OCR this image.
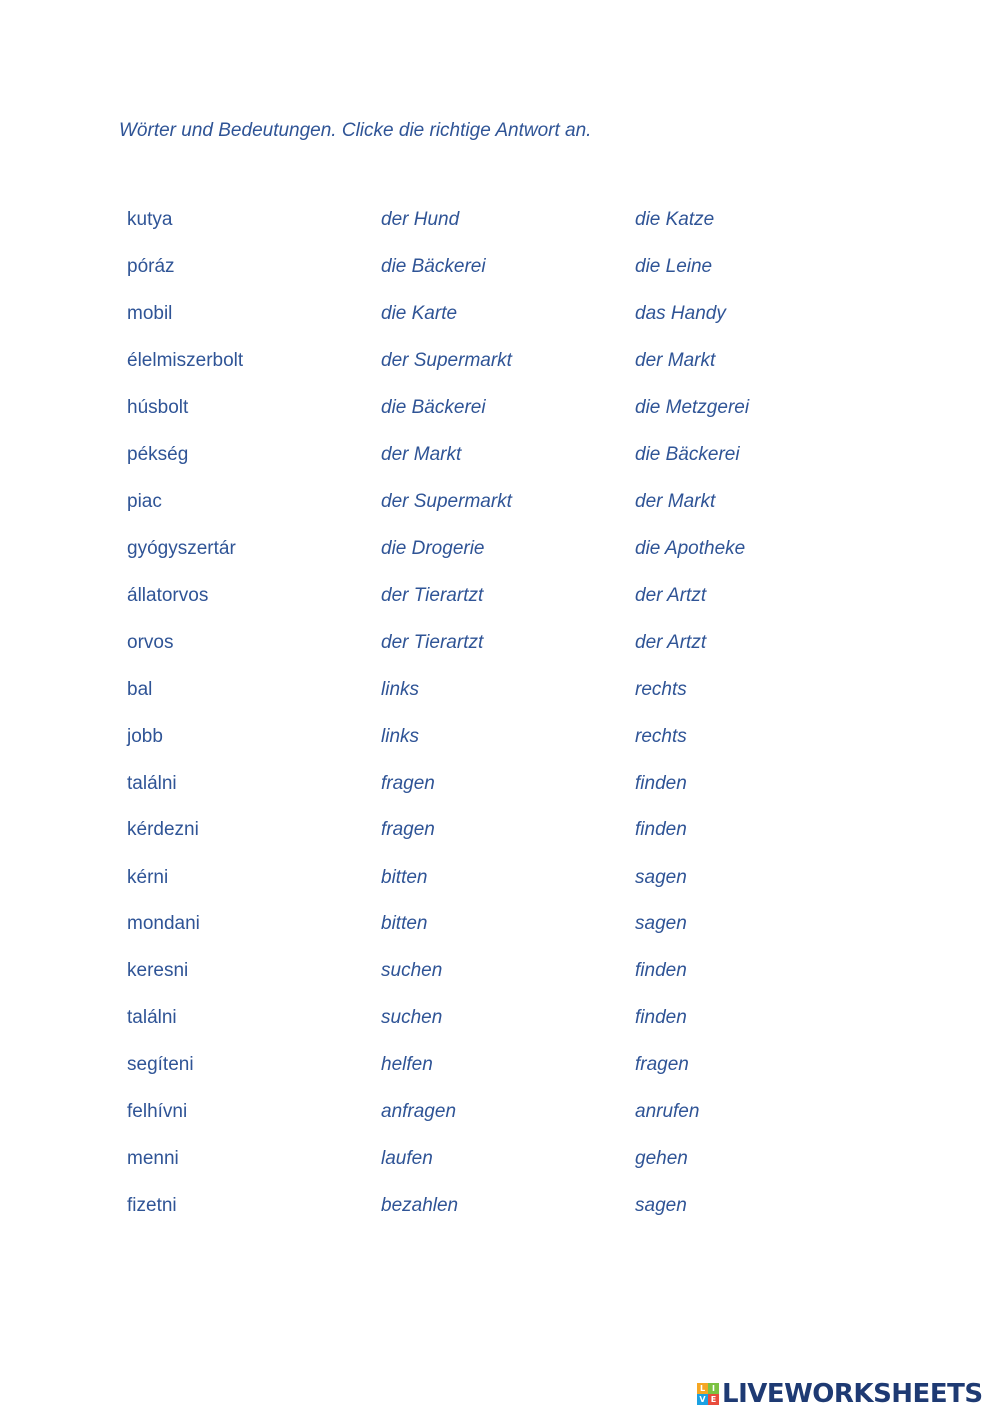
Wörter und Bedeutungen. Clicke die richtige Antwort an.
kutya	der Hund	die Katze
póráz	die Bäckerei	die Leine
mobil	die Karte	das Handy
élelmiszerbolt	der Supermarkt	der Markt
húsbolt	die Bäckerei	die Metzgerei
pékség	der Markt	die Bäckerei
piac	der Supermarkt	der Markt
gyógyszertár	die Drogerie	die Apotheke
állatorvos	der Tierartzt	der Artzt
orvos	der Tierartzt	der Artzt
bal	links	rechts
jobb	links	rechts
találni	fragen	finden
kérdezni	fragen	finden
kérni	bitten	sagen
mondani	bitten	sagen
keresni	suchen	finden
találni	suchen	finden
segíteni	helfen	fragen
felhívni	anfragen	anrufen
menni	laufen	gehen
fizetni	bezahlen	sagen
L I
V E LIVEWORKSHEETS
